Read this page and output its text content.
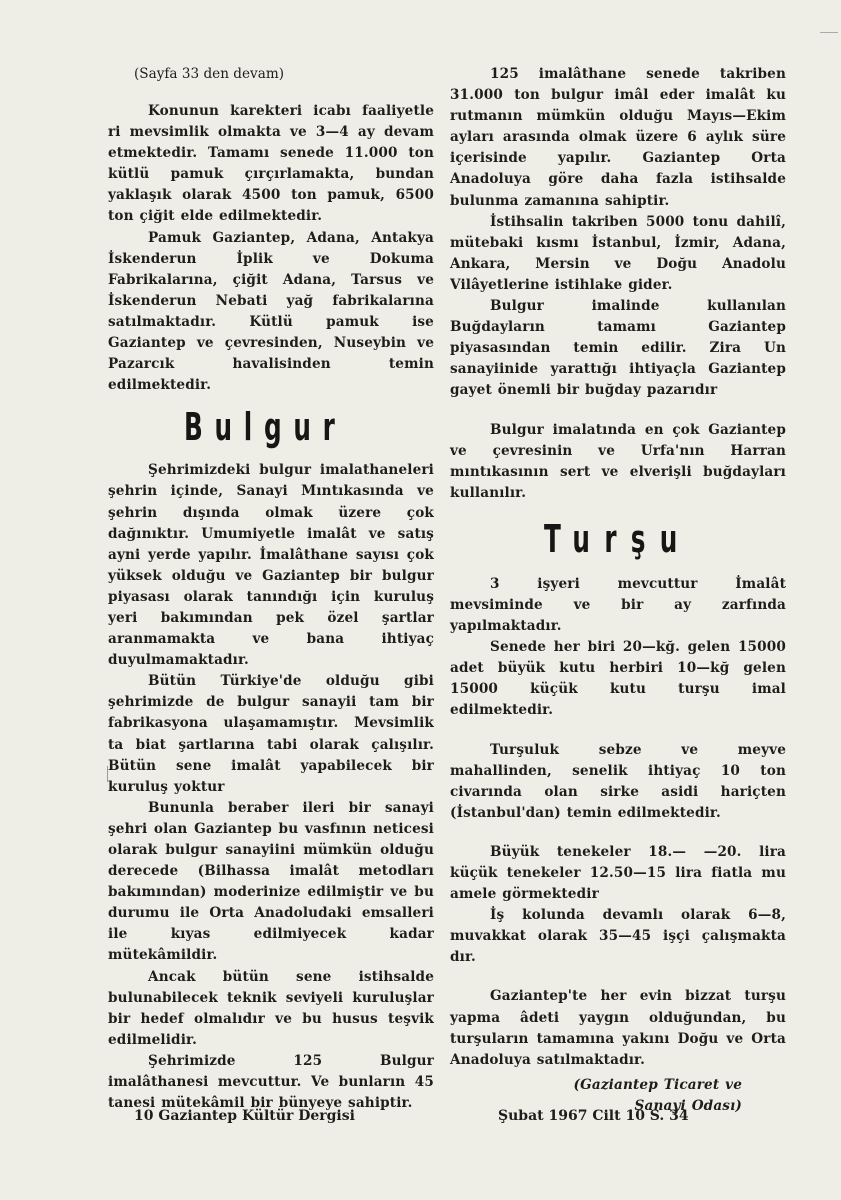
(Sayfa 33 den devam)

Konunun karekteri icabı faaliyetle ri mevsimlik olmakta ve 3—4 ay devam etmektedir. Tamamı senede 11.000 ton kütlü pamuk çırçırlamakta, bundan yaklaşık olarak 4500 ton pamuk, 6500 ton çiğit elde edilmektedir.

Pamuk Gaziantep, Adana, Antakya İskenderun İplik ve Dokuma Fabrikalarına, çiğit Adana, Tarsus ve İskenderun Nebati yağ fabrikalarına satılmaktadır. Kütlü pamuk ise Gaziantep ve çevresinden, Nuseybin ve Pazarcık havalisinden temin edilmektedir.

Bulgur

Şehrimizdeki bulgur imalathaneleri şehrin içinde, Sanayi Mıntıkasında ve şehrin dışında olmak üzere çok dağınıktır. Umumiyetle imalât ve satış ayni yerde yapılır. İmalâthane sayısı çok yüksek olduğu ve Gaziantep bir bulgur piyasası olarak tanındığı için kuruluş yeri bakımından pek özel şartlar aranmamakta ve bana ihtiyaç duyulmamaktadır.

Bütün Türkiye'de olduğu gibi şehrimizde de bulgur sanayii tam bir fabrikasyona ulaşamamıştır. Mevsimlik ta biat şartlarına tabi olarak çalışılır. Bütün sene imalât yapabilecek bir kuruluş yoktur

Bununla beraber ileri bir sanayi şehri olan Gaziantep bu vasfının neticesi olarak bulgur sanayiini mümkün olduğu derecede (Bilhassa imalât metodları bakımından) moderinize edilmiştir ve bu durumu ile Orta Anadoludaki emsalleri ile kıyas edilmiyecek kadar mütekâmildir.

Ancak bütün sene istihsalde bulunabilecek teknik seviyeli kuruluşlar bir hedef olmalıdır ve bu husus teşvik edilmelidir.

Şehrimizde 125 Bulgur imalâthanesi mevcuttur. Ve bunların 45 tanesi mütekâmil bir bünyeye sahiptir.

125 imalâthane senede takriben 31.000 ton bulgur imâl eder imalât ku rutmanın mümkün olduğu Mayıs—Ekim ayları arasında olmak üzere 6 aylık süre içerisinde yapılır. Gaziantep Orta Anadoluya göre daha fazla istihsalde bulunma zamanına sahiptir.

İstihsalin takriben 5000 tonu dahilî, mütebaki kısmı İstanbul, İzmir, Adana, Ankara, Mersin ve Doğu Anadolu Vilâyetlerine istihlake gider.

Bulgur imalinde kullanılan Buğdayların tamamı Gaziantep piyasasından temin edilir. Zira Un sanayiinide yarattığı ihtiyaçla Gaziantep gayet önemli bir buğday pazarıdır

Bulgur imalatında en çok Gaziantep ve çevresinin ve Urfa'nın Harran mıntıkasının sert ve elverişli buğdayları kullanılır.

Turşu

3 işyeri mevcuttur İmalât mevsiminde ve bir ay zarfında yapılmaktadır.

Senede her biri 20—kğ. gelen 15000 adet büyük kutu herbiri 10—kğ gelen 15000 küçük kutu turşu imal edilmektedir.

Turşuluk sebze ve meyve mahallinden, senelik ihtiyaç 10 ton civarında olan sirke asidi hariçten (İstanbul'dan) temin edilmektedir.

Büyük tenekeler 18.— —20. lira küçük tenekeler 12.50—15 lira fiatla mu amele görmektedir

İş kolunda devamlı olarak 6—8, muvakkat olarak 35—45 işçi çalışmakta dır.

Gaziantep'te her evin bizzat turşu yapma âdeti yaygın olduğundan, bu turşuların tamamına yakını Doğu ve Orta Anadoluya satılmaktadır.

(Gaziantep Ticaret ve
Sanayi Odası)
10 Gaziantep Kültür Dergisi	Şubat 1967 Cilt 10 S. 34
